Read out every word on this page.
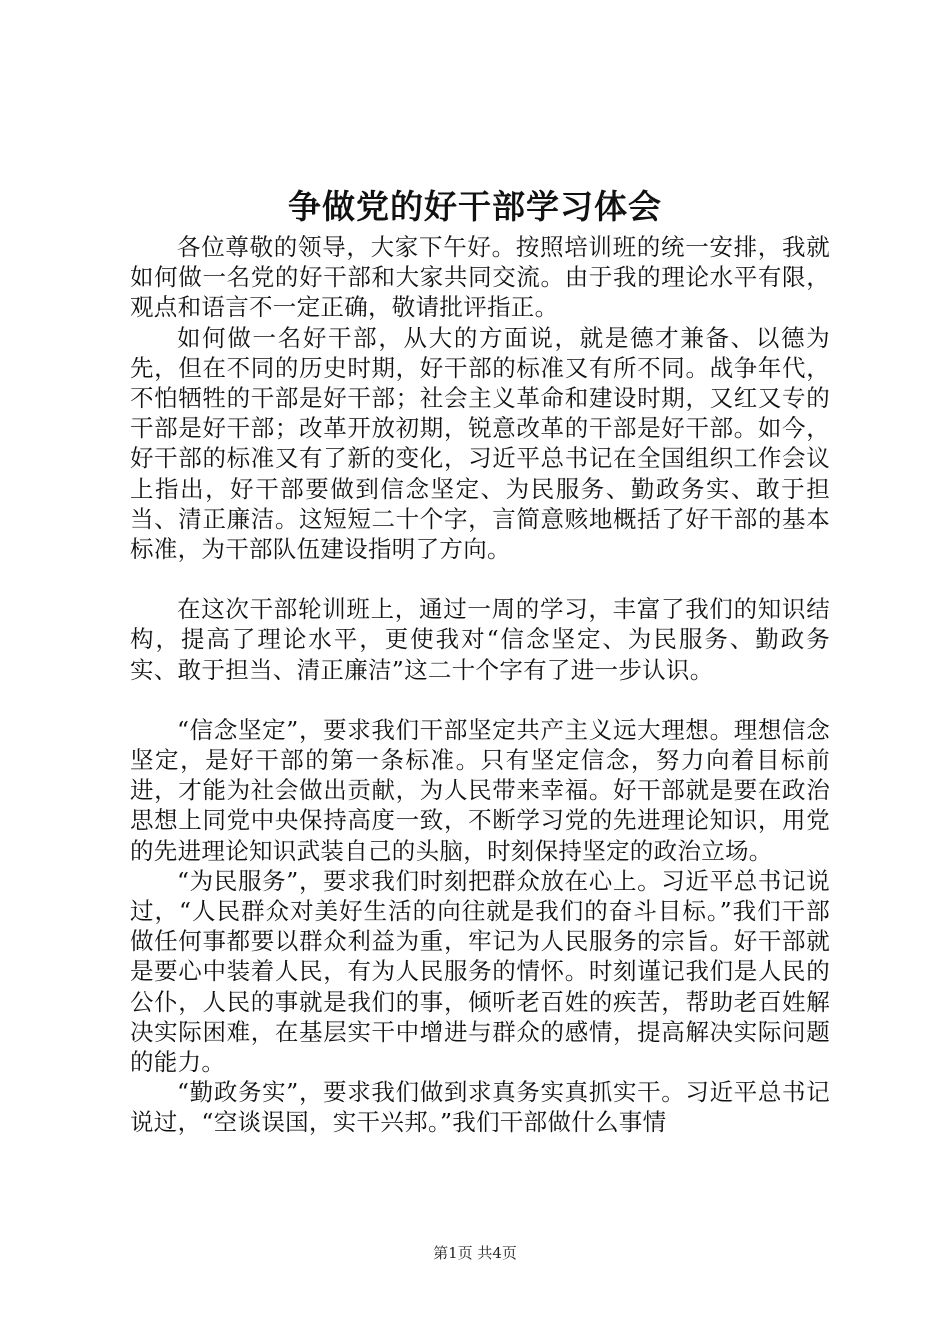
争做党的好干部学习体会

各位尊敬的领导，大家下午好。按照培训班的统一安排，我就如何做一名党的好干部和大家共同交流。由于我的理论水平有限，观点和语言不一定正确，敬请批评指正。

如何做一名好干部，从大的方面说，就是德才兼备、以德为先，但在不同的历史时期，好干部的标准又有所不同。战争年代，不怕牺牲的干部是好干部；社会主义革命和建设时期，又红又专的干部是好干部；改革开放初期，锐意改革的干部是好干部。如今，好干部的标准又有了新的变化，习近平总书记在全国组织工作会议上指出，好干部要做到信念坚定、为民服务、勤政务实、敢于担当、清正廉洁。这短短二十个字，言简意赅地概括了好干部的基本标准，为干部队伍建设指明了方向。

在这次干部轮训班上，通过一周的学习，丰富了我们的知识结构，提高了理论水平，更使我对“信念坚定、为民服务、勤政务实、敢于担当、清正廉洁”这二十个字有了进一步认识。

“信念坚定”，要求我们干部坚定共产主义远大理想。理想信念坚定，是好干部的第一条标准。只有坚定信念，努力向着目标前进，才能为社会做出贡献，为人民带来幸福。好干部就是要在政治思想上同党中央保持高度一致，不断学习党的先进理论知识，用党的先进理论知识武装自己的头脑，时刻保持坚定的政治立场。

“为民服务”，要求我们时刻把群众放在心上。习近平总书记说过，“人民群众对美好生活的向往就是我们的奋斗目标。”我们干部做任何事都要以群众利益为重，牢记为人民服务的宗旨。好干部就是要心中装着人民，有为人民服务的情怀。时刻谨记我们是人民的公仆，人民的事就是我们的事，倾听老百姓的疾苦，帮助老百姓解决实际困难，在基层实干中增进与群众的感情，提高解决实际问题的能力。

“勤政务实”，要求我们做到求真务实真抓实干。习近平总书记说过，“空谈误国，实干兴邦。”我们干部做什么事情

第1页 共4页
